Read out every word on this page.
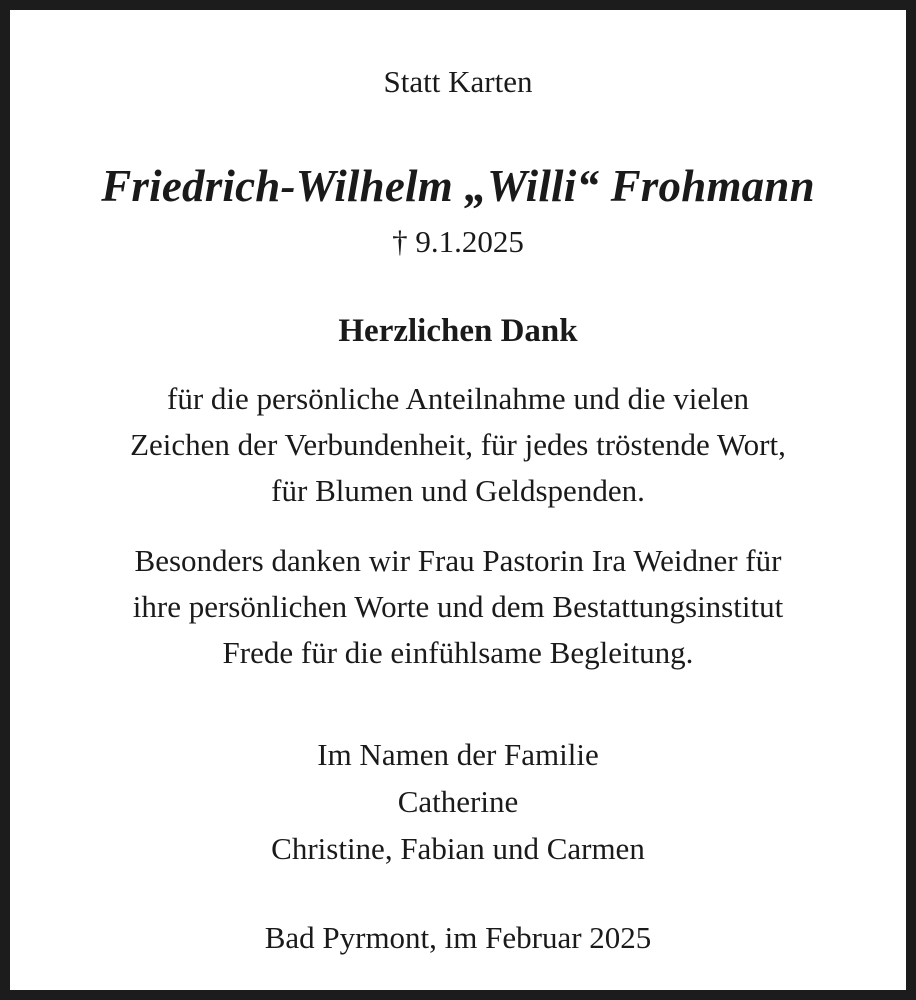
Statt Karten
Friedrich-Wilhelm „Willi“ Frohmann
† 9.1.2025
Herzlichen Dank
für die persönliche Anteilnahme und die vielen
Zeichen der Verbundenheit, für jedes tröstende Wort,
für Blumen und Geldspenden.
Besonders danken wir Frau Pastorin Ira Weidner für
ihre persönlichen Worte und dem Bestattungsinstitut
Frede für die einfühlsame Begleitung.
Im Namen der Familie
Catherine
Christine, Fabian und Carmen
Bad Pyrmont, im Februar 2025
